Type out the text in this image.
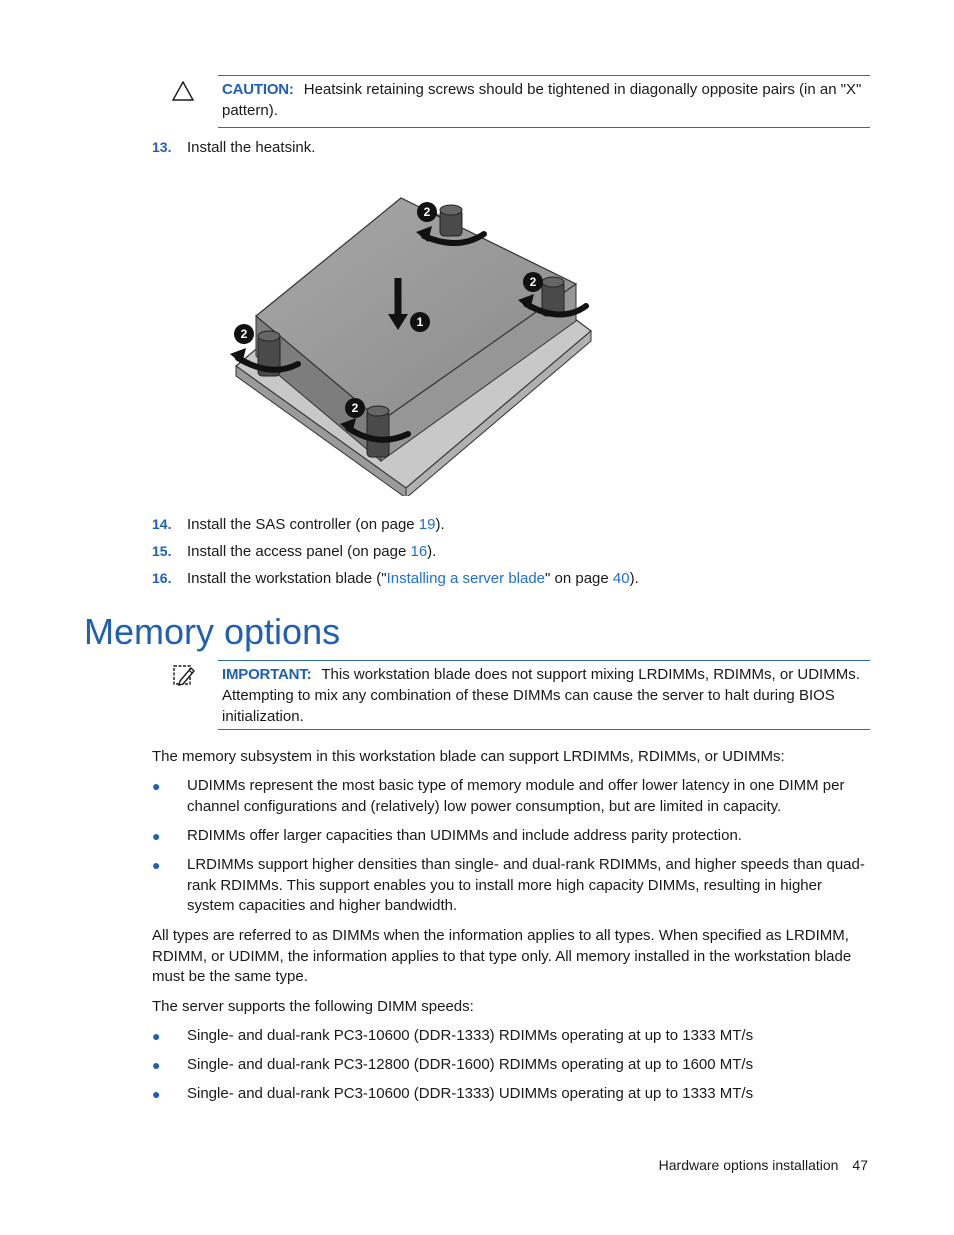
CAUTION: Heatsink retaining screws should be tightened in diagonally opposite pairs (in an "X" pattern).
13. Install the heatsink.
2
2
2
2
1
14. Install the SAS controller (on page 19).
15. Install the access panel (on page 16).
16. Install the workstation blade ("Installing a server blade" on page 40).
Memory options
IMPORTANT: This workstation blade does not support mixing LRDIMMs, RDIMMs, or UDIMMs. Attempting to mix any combination of these DIMMs can cause the server to halt during BIOS initialization.

The memory subsystem in this workstation blade can support LRDIMMs, RDIMMs, or UDIMMs:

● UDIMMs represent the most basic type of memory module and offer lower latency in one DIMM per channel configurations and (relatively) low power consumption, but are limited in capacity.
● RDIMMs offer larger capacities than UDIMMs and include address parity protection.
● LRDIMMs support higher densities than single- and dual-rank RDIMMs, and higher speeds than quad-rank RDIMMs. This support enables you to install more high capacity DIMMs, resulting in higher system capacities and higher bandwidth.

All types are referred to as DIMMs when the information applies to all types. When specified as LRDIMM, RDIMM, or UDIMM, the information applies to that type only. All memory installed in the workstation blade must be the same type.

The server supports the following DIMM speeds:

● Single- and dual-rank PC3-10600 (DDR-1333) RDIMMs operating at up to 1333 MT/s
● Single- and dual-rank PC3-12800 (DDR-1600) RDIMMs operating at up to 1600 MT/s
● Single- and dual-rank PC3-10600 (DDR-1333) UDIMMs operating at up to 1333 MT/s
Hardware options installation 47
